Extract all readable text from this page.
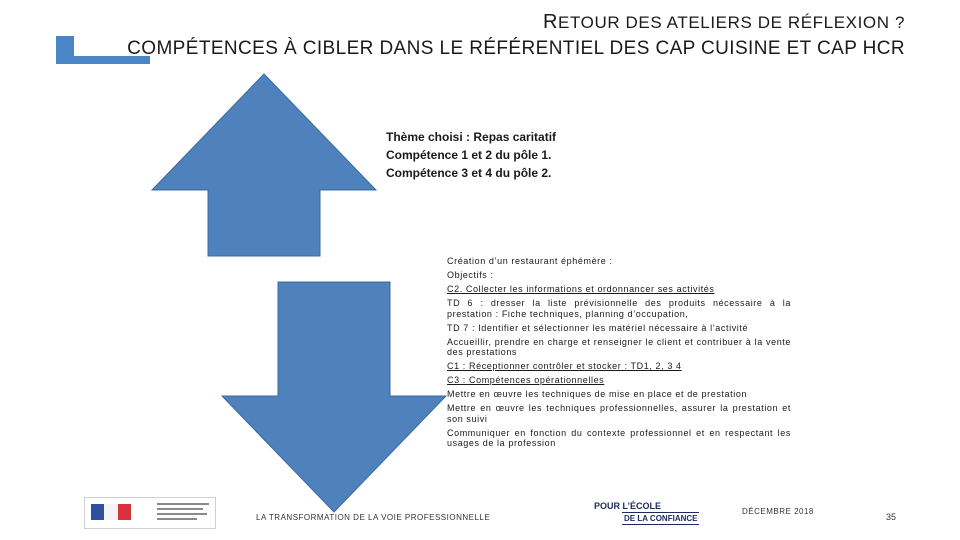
RETOUR DES ATELIERS DE RÉFLEXION ?
COMPÉTENCES À CIBLER DANS LE RÉFÉRENTIEL DES CAP CUISINE ET CAP HCR
Thème choisi : Repas caritatif
Compétence 1 et 2 du pôle 1.
Compétence 3 et 4 du pôle 2.

Création d’un restaurant éphémère :

Objectifs :

C2. Collecter les informations et ordonnancer ses activités

TD 6 : dresser la liste prévisionnelle des produits nécessaire à la prestation : Fiche techniques, planning d’occupation,

TD 7 : Identifier et sélectionner les matériel nécessaire à l’activité

Accueillir, prendre en charge et renseigner le client et contribuer à la vente des prestations

C1 : Réceptionner contrôler et stocker : TD1, 2, 3 4

C3 : Compétences opérationnelles

Mettre en œuvre les techniques de mise en place et de prestation

Mettre en œuvre les techniques professionnelles, assurer la prestation et son suivi

Communiquer en fonction du contexte professionnel et en respectant les usages de la profession

LA TRANSFORMATION DE LA VOIE PROFESSIONNELLE
POUR L’ÉCOLE
DE LA CONFIANCE
DÉCEMBRE 2018
35
